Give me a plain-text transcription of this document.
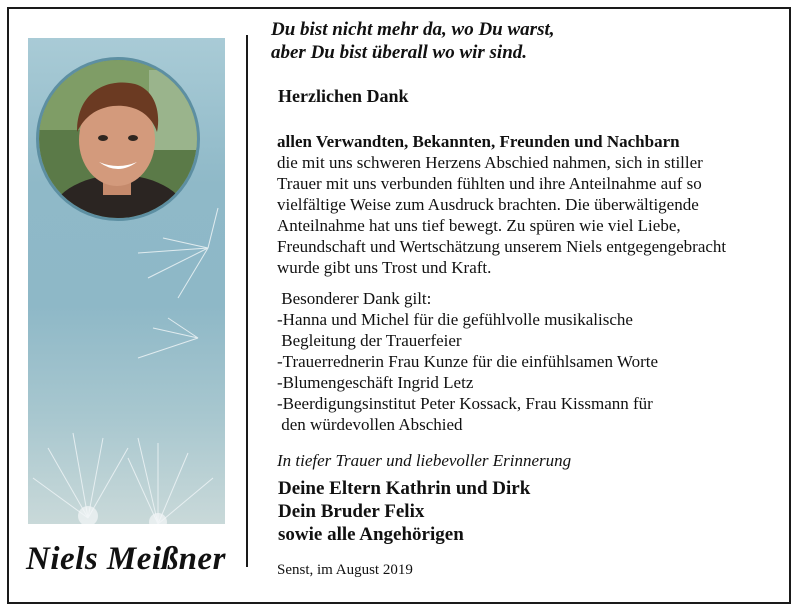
Niels Meißner
Du bist nicht mehr da, wo Du warst,
aber Du bist überall wo wir sind.
Herzlichen Dank
allen Verwandten, Bekannten, Freunden und Nachbarn
die mit uns schweren Herzens Abschied nahmen, sich in stiller
Trauer mit uns verbunden fühlten und ihre Anteilnahme auf so
vielfältige Weise zum Ausdruck brachten. Die überwältigende
Anteilnahme hat uns tief bewegt. Zu spüren wie viel Liebe,
Freundschaft und Wertschätzung unserem Niels entgegengebracht
wurde gibt uns Trost und Kraft.
Besonderer Dank gilt:
-Hanna und Michel für die gefühlvolle musikalische
Begleitung der Trauerfeier
-Trauerrednerin Frau Kunze für die einfühlsamen Worte
-Blumengeschäft Ingrid Letz
-Beerdigungsinstitut Peter Kossack, Frau Kissmann für
den würdevollen Abschied
In tiefer Trauer und liebevoller Erinnerung
Deine Eltern Kathrin und Dirk
Dein Bruder Felix
sowie alle Angehörigen
Senst, im August 2019
